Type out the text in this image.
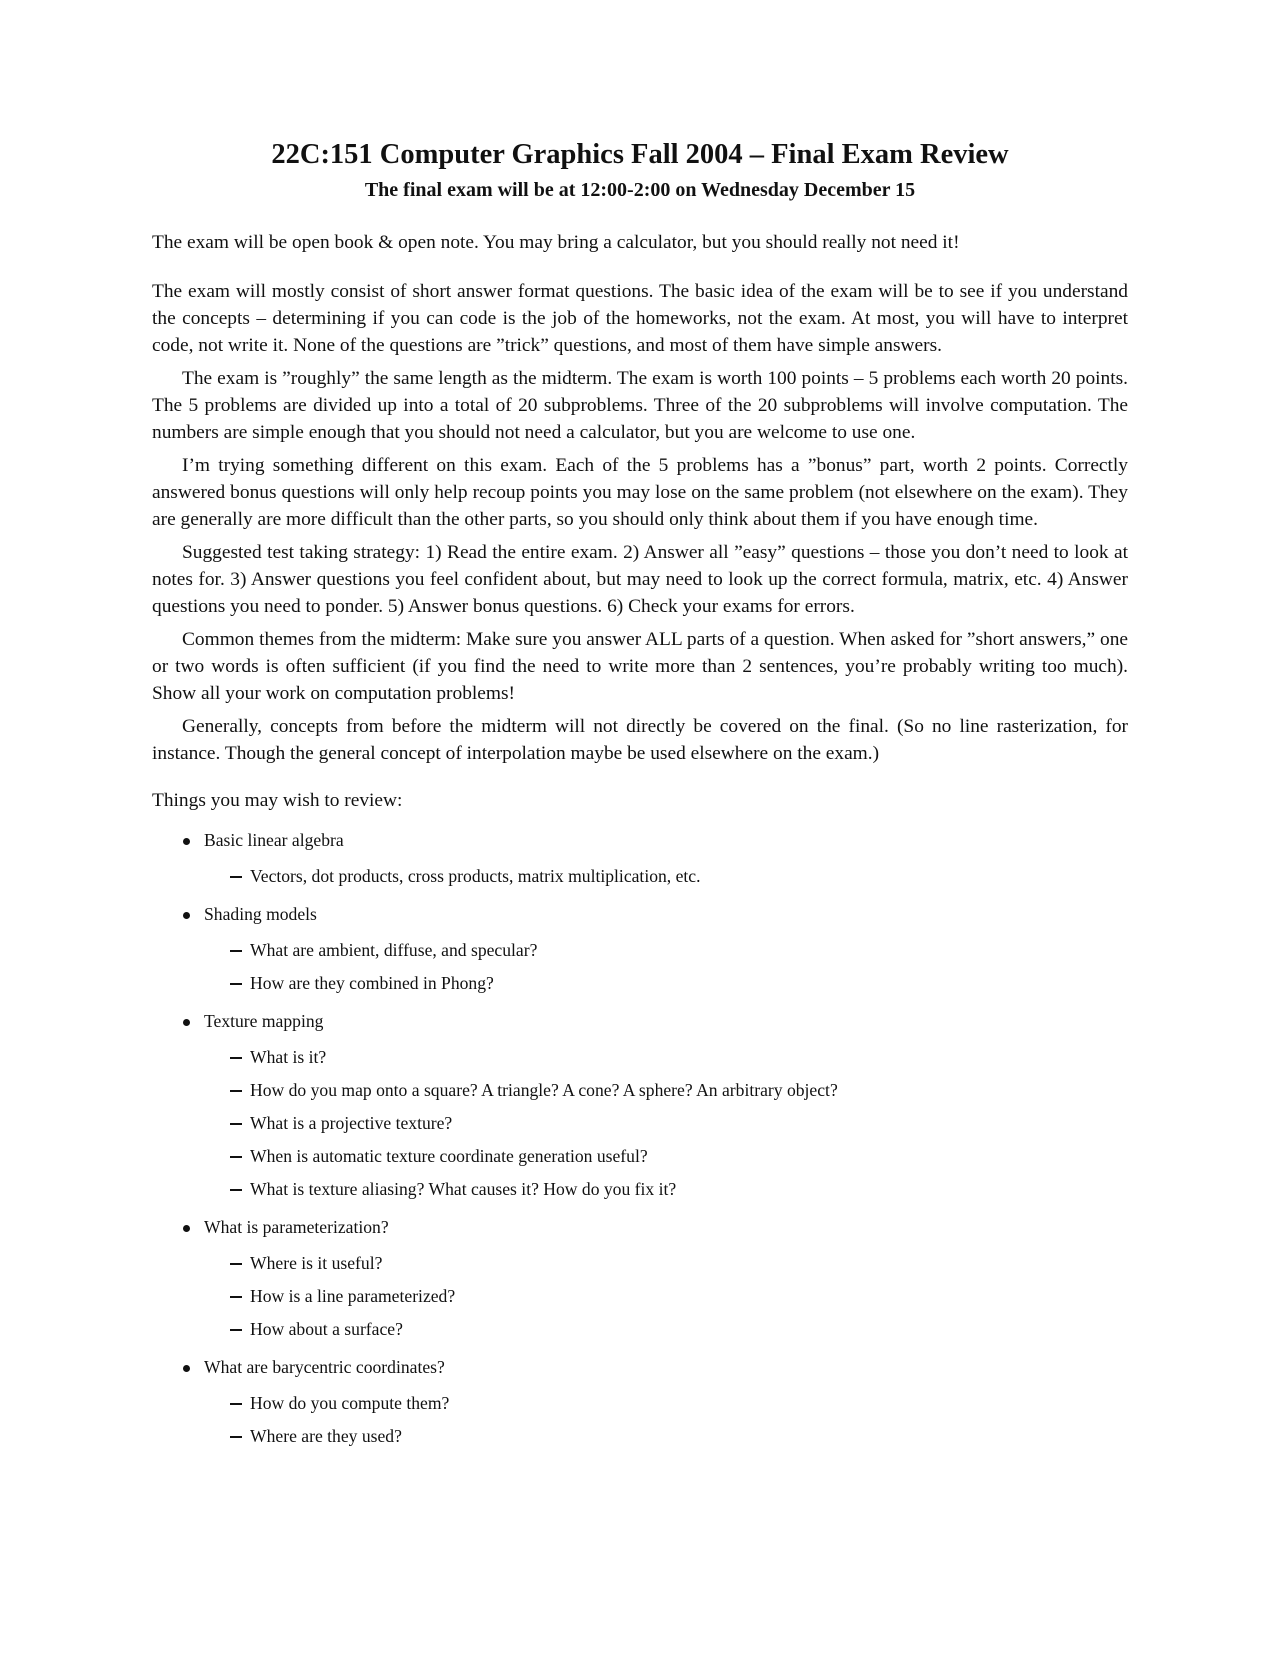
22C:151 Computer Graphics Fall 2004 – Final Exam Review

The final exam will be at 12:00-2:00 on Wednesday December 15

The exam will be open book & open note. You may bring a calculator, but you should really not need it!

The exam will mostly consist of short answer format questions. The basic idea of the exam will be to see if you understand the concepts – determining if you can code is the job of the homeworks, not the exam. At most, you will have to interpret code, not write it. None of the questions are ”trick” questions, and most of them have simple answers.

The exam is ”roughly” the same length as the midterm. The exam is worth 100 points – 5 problems each worth 20 points. The 5 problems are divided up into a total of 20 subproblems. Three of the 20 subproblems will involve computation. The numbers are simple enough that you should not need a calculator, but you are welcome to use one.

I’m trying something different on this exam. Each of the 5 problems has a ”bonus” part, worth 2 points. Correctly answered bonus questions will only help recoup points you may lose on the same problem (not elsewhere on the exam). They are generally are more difficult than the other parts, so you should only think about them if you have enough time.

Suggested test taking strategy: 1) Read the entire exam. 2) Answer all ”easy” questions – those you don’t need to look at notes for. 3) Answer questions you feel confident about, but may need to look up the correct formula, matrix, etc. 4) Answer questions you need to ponder. 5) Answer bonus questions. 6) Check your exams for errors.

Common themes from the midterm: Make sure you answer ALL parts of a question. When asked for ”short answers,” one or two words is often sufficient (if you find the need to write more than 2 sentences, you’re probably writing too much). Show all your work on computation problems!

Generally, concepts from before the midterm will not directly be covered on the final. (So no line rasterization, for instance. Though the general concept of interpolation maybe be used elsewhere on the exam.)

Things you may wish to review:

Basic linear algebra
Vectors, dot products, cross products, matrix multiplication, etc.
Shading models
What are ambient, diffuse, and specular?
How are they combined in Phong?
Texture mapping
What is it?
How do you map onto a square? A triangle? A cone? A sphere? An arbitrary object?
What is a projective texture?
When is automatic texture coordinate generation useful?
What is texture aliasing? What causes it? How do you fix it?
What is parameterization?
Where is it useful?
How is a line parameterized?
How about a surface?
What are barycentric coordinates?
How do you compute them?
Where are they used?
